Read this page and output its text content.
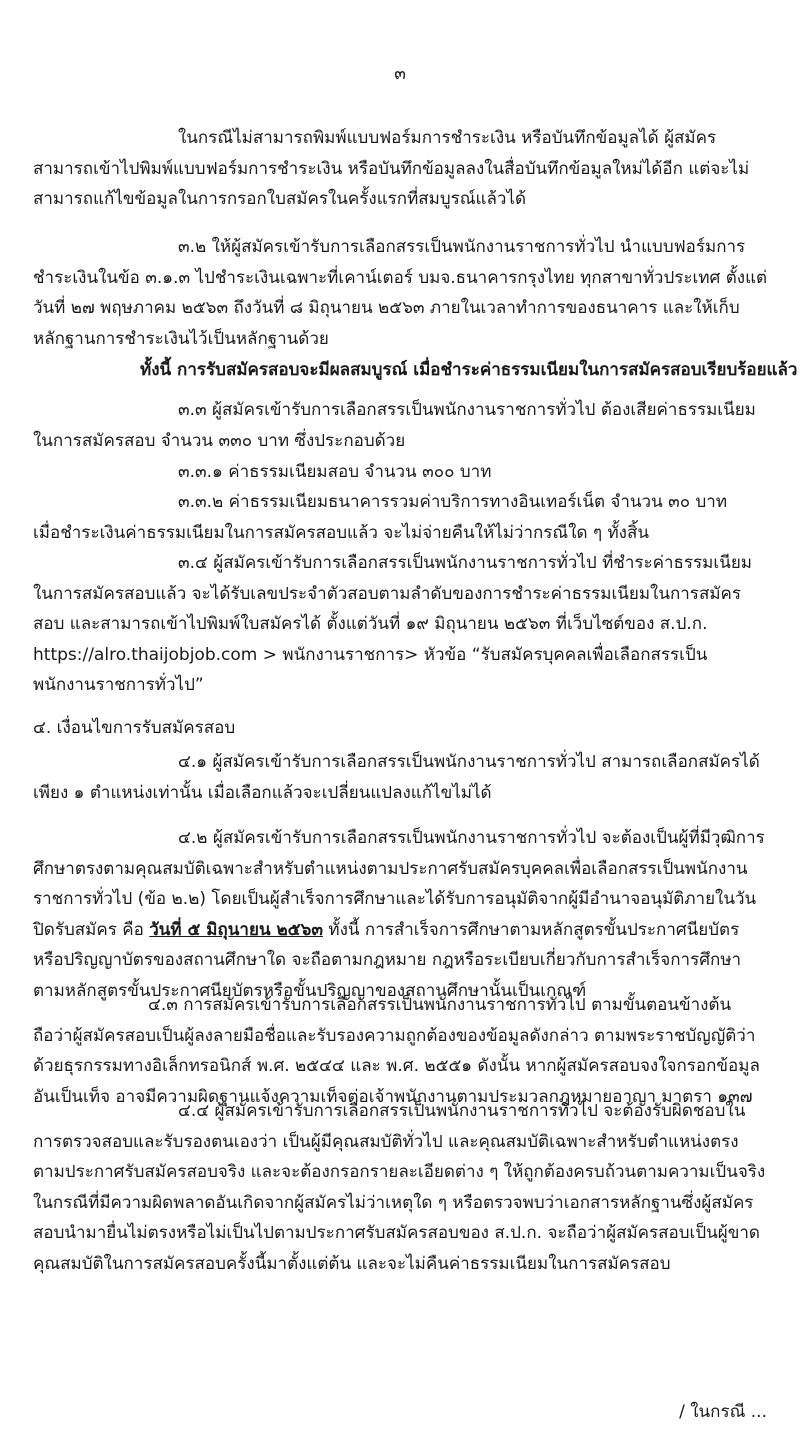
๓

ในกรณีไม่สามารถพิมพ์แบบฟอร์มการชำระเงิน หรือบันทึกข้อมูลได้ ผู้สมัครสามารถเข้าไปพิมพ์แบบฟอร์มการชำระเงิน หรือบันทึกข้อมูลลงในสื่อบันทึกข้อมูลใหม่ได้อีก แต่จะไม่สามารถแก้ไขข้อมูลในการกรอกใบสมัครในครั้งแรกที่สมบูรณ์แล้วได้

๓.๒ ให้ผู้สมัครเข้ารับการเลือกสรรเป็นพนักงานราชการทั่วไป นำแบบฟอร์มการชำระเงินในข้อ ๓.๑.๓ ไปชำระเงินเฉพาะที่เคาน์เตอร์ บมจ.ธนาคารกรุงไทย ทุกสาขาทั่วประเทศ ตั้งแต่วันที่ ๒๗ พฤษภาคม ๒๕๖๓ ถึงวันที่ ๘ มิถุนายน ๒๕๖๓ ภายในเวลาทำการของธนาคาร และให้เก็บหลักฐานการชำระเงินไว้เป็นหลักฐานด้วย

ทั้งนี้ การรับสมัครสอบจะมีผลสมบูรณ์ เมื่อชำระค่าธรรมเนียมในการสมัครสอบเรียบร้อยแล้ว

๓.๓ ผู้สมัครเข้ารับการเลือกสรรเป็นพนักงานราชการทั่วไป ต้องเสียค่าธรรมเนียมในการสมัครสอบ จำนวน ๓๓๐ บาท ซึ่งประกอบด้วย

๓.๓.๑ ค่าธรรมเนียมสอบ จำนวน ๓๐๐ บาท

๓.๓.๒ ค่าธรรมเนียมธนาคารรวมค่าบริการทางอินเทอร์เน็ต จำนวน ๓๐ บาท

เมื่อชำระเงินค่าธรรมเนียมในการสมัครสอบแล้ว จะไม่จ่ายคืนให้ไม่ว่ากรณีใด ๆ ทั้งสิ้น

๓.๔ ผู้สมัครเข้ารับการเลือกสรรเป็นพนักงานราชการทั่วไป ที่ชำระค่าธรรมเนียมในการสมัครสอบแล้ว จะได้รับเลขประจำตัวสอบตามลำดับของการชำระค่าธรรมเนียมในการสมัครสอบ และสามารถเข้าไปพิมพ์ใบสมัครได้ ตั้งแต่วันที่ ๑๙ มิถุนายน ๒๕๖๓ ที่เว็บไซต์ของ ส.ป.ก. https://alro.thaijobjob.com > พนักงานราชการ> หัวข้อ “รับสมัครบุคคลเพื่อเลือกสรรเป็นพนักงานราชการทั่วไป”

๔. เงื่อนไขการรับสมัครสอบ

๔.๑ ผู้สมัครเข้ารับการเลือกสรรเป็นพนักงานราชการทั่วไป สามารถเลือกสมัครได้เพียง ๑ ตำแหน่งเท่านั้น เมื่อเลือกแล้วจะเปลี่ยนแปลงแก้ไขไม่ได้

๔.๒ ผู้สมัครเข้ารับการเลือกสรรเป็นพนักงานราชการทั่วไป จะต้องเป็นผู้ที่มีวุฒิการศึกษาตรงตามคุณสมบัติเฉพาะสำหรับตำแหน่งตามประกาศรับสมัครบุคคลเพื่อเลือกสรรเป็นพนักงานราชการทั่วไป (ข้อ ๒.๒) โดยเป็นผู้สำเร็จการศึกษาและได้รับการอนุมัติจากผู้มีอำนาจอนุมัติภายในวันปิดรับสมัคร คือ วันที่ ๕ มิถุนายน ๒๕๖๓ ทั้งนี้ การสำเร็จการศึกษาตามหลักสูตรขั้นประกาศนียบัตร หรือปริญญาบัตรของสถานศึกษาใด จะถือตามกฎหมาย กฎหรือระเบียบเกี่ยวกับการสำเร็จการศึกษาตามหลักสูตรขั้นประกาศนียบัตรหรือขั้นปริญญาของสถานศึกษานั้นเป็นเกณฑ์

๔.๓ การสมัครเข้ารับการเลือกสรรเป็นพนักงานราชการทั่วไป ตามขั้นตอนข้างต้น ถือว่าผู้สมัครสอบเป็นผู้ลงลายมือชื่อและรับรองความถูกต้องของข้อมูลดังกล่าว ตามพระราชบัญญัติว่าด้วยธุรกรรมทางอิเล็กทรอนิกส์ พ.ศ. ๒๕๔๔ และ พ.ศ. ๒๕๕๑ ดังนั้น หากผู้สมัครสอบจงใจกรอกข้อมูลอันเป็นเท็จ อาจมีความผิดฐานแจ้งความเท็จต่อเจ้าพนักงานตามประมวลกฎหมายอาญา มาตรา ๑๓๗

๔.๔ ผู้สมัครเข้ารับการเลือกสรรเป็นพนักงานราชการทั่วไป จะต้องรับผิดชอบในการตรวจสอบและรับรองตนเองว่า เป็นผู้มีคุณสมบัติทั่วไป และคุณสมบัติเฉพาะสำหรับตำแหน่งตรงตามประกาศรับสมัครสอบจริง และจะต้องกรอกรายละเอียดต่าง ๆ ให้ถูกต้องครบถ้วนตามความเป็นจริง ในกรณีที่มีความผิดพลาดอันเกิดจากผู้สมัครไม่ว่าเหตุใด ๆ หรือตรวจพบว่าเอกสารหลักฐานซึ่งผู้สมัครสอบนำมายื่นไม่ตรงหรือไม่เป็นไปตามประกาศรับสมัครสอบของ ส.ป.ก. จะถือว่าผู้สมัครสอบเป็นผู้ขาดคุณสมบัติในการสมัครสอบครั้งนี้มาตั้งแต่ต้น และจะไม่คืนค่าธรรมเนียมในการสมัครสอบ

/ ในกรณี ...
